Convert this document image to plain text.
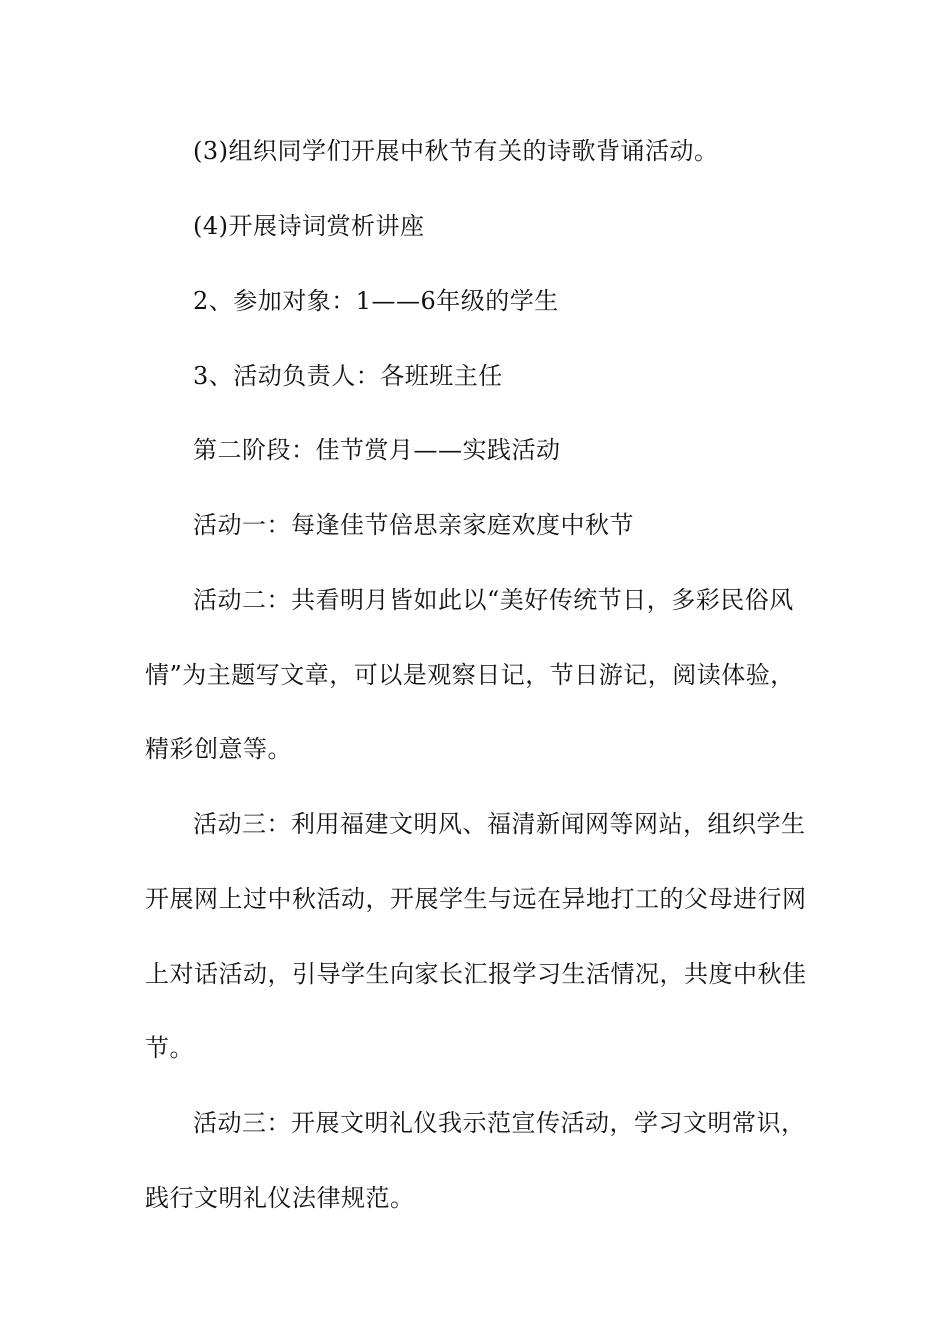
(3)组织同学们开展中秋节有关的诗歌背诵活动。
(4)开展诗词赏析讲座
2、参加对象：1——6年级的学生
3、活动负责人：各班班主任
第二阶段：佳节赏月——实践活动
活动一：每逢佳节倍思亲家庭欢度中秋节
活动二：共看明月皆如此以“美好传统节日，多彩民俗风
情”为主题写文章，可以是观察日记，节日游记，阅读体验，
精彩创意等。
活动三：利用福建文明风、福清新闻网等网站，组织学生
开展网上过中秋活动，开展学生与远在异地打工的父母进行网
上对话活动，引导学生向家长汇报学习生活情况，共度中秋佳
节。
活动三：开展文明礼仪我示范宣传活动，学习文明常识，
践行文明礼仪法律规范。
